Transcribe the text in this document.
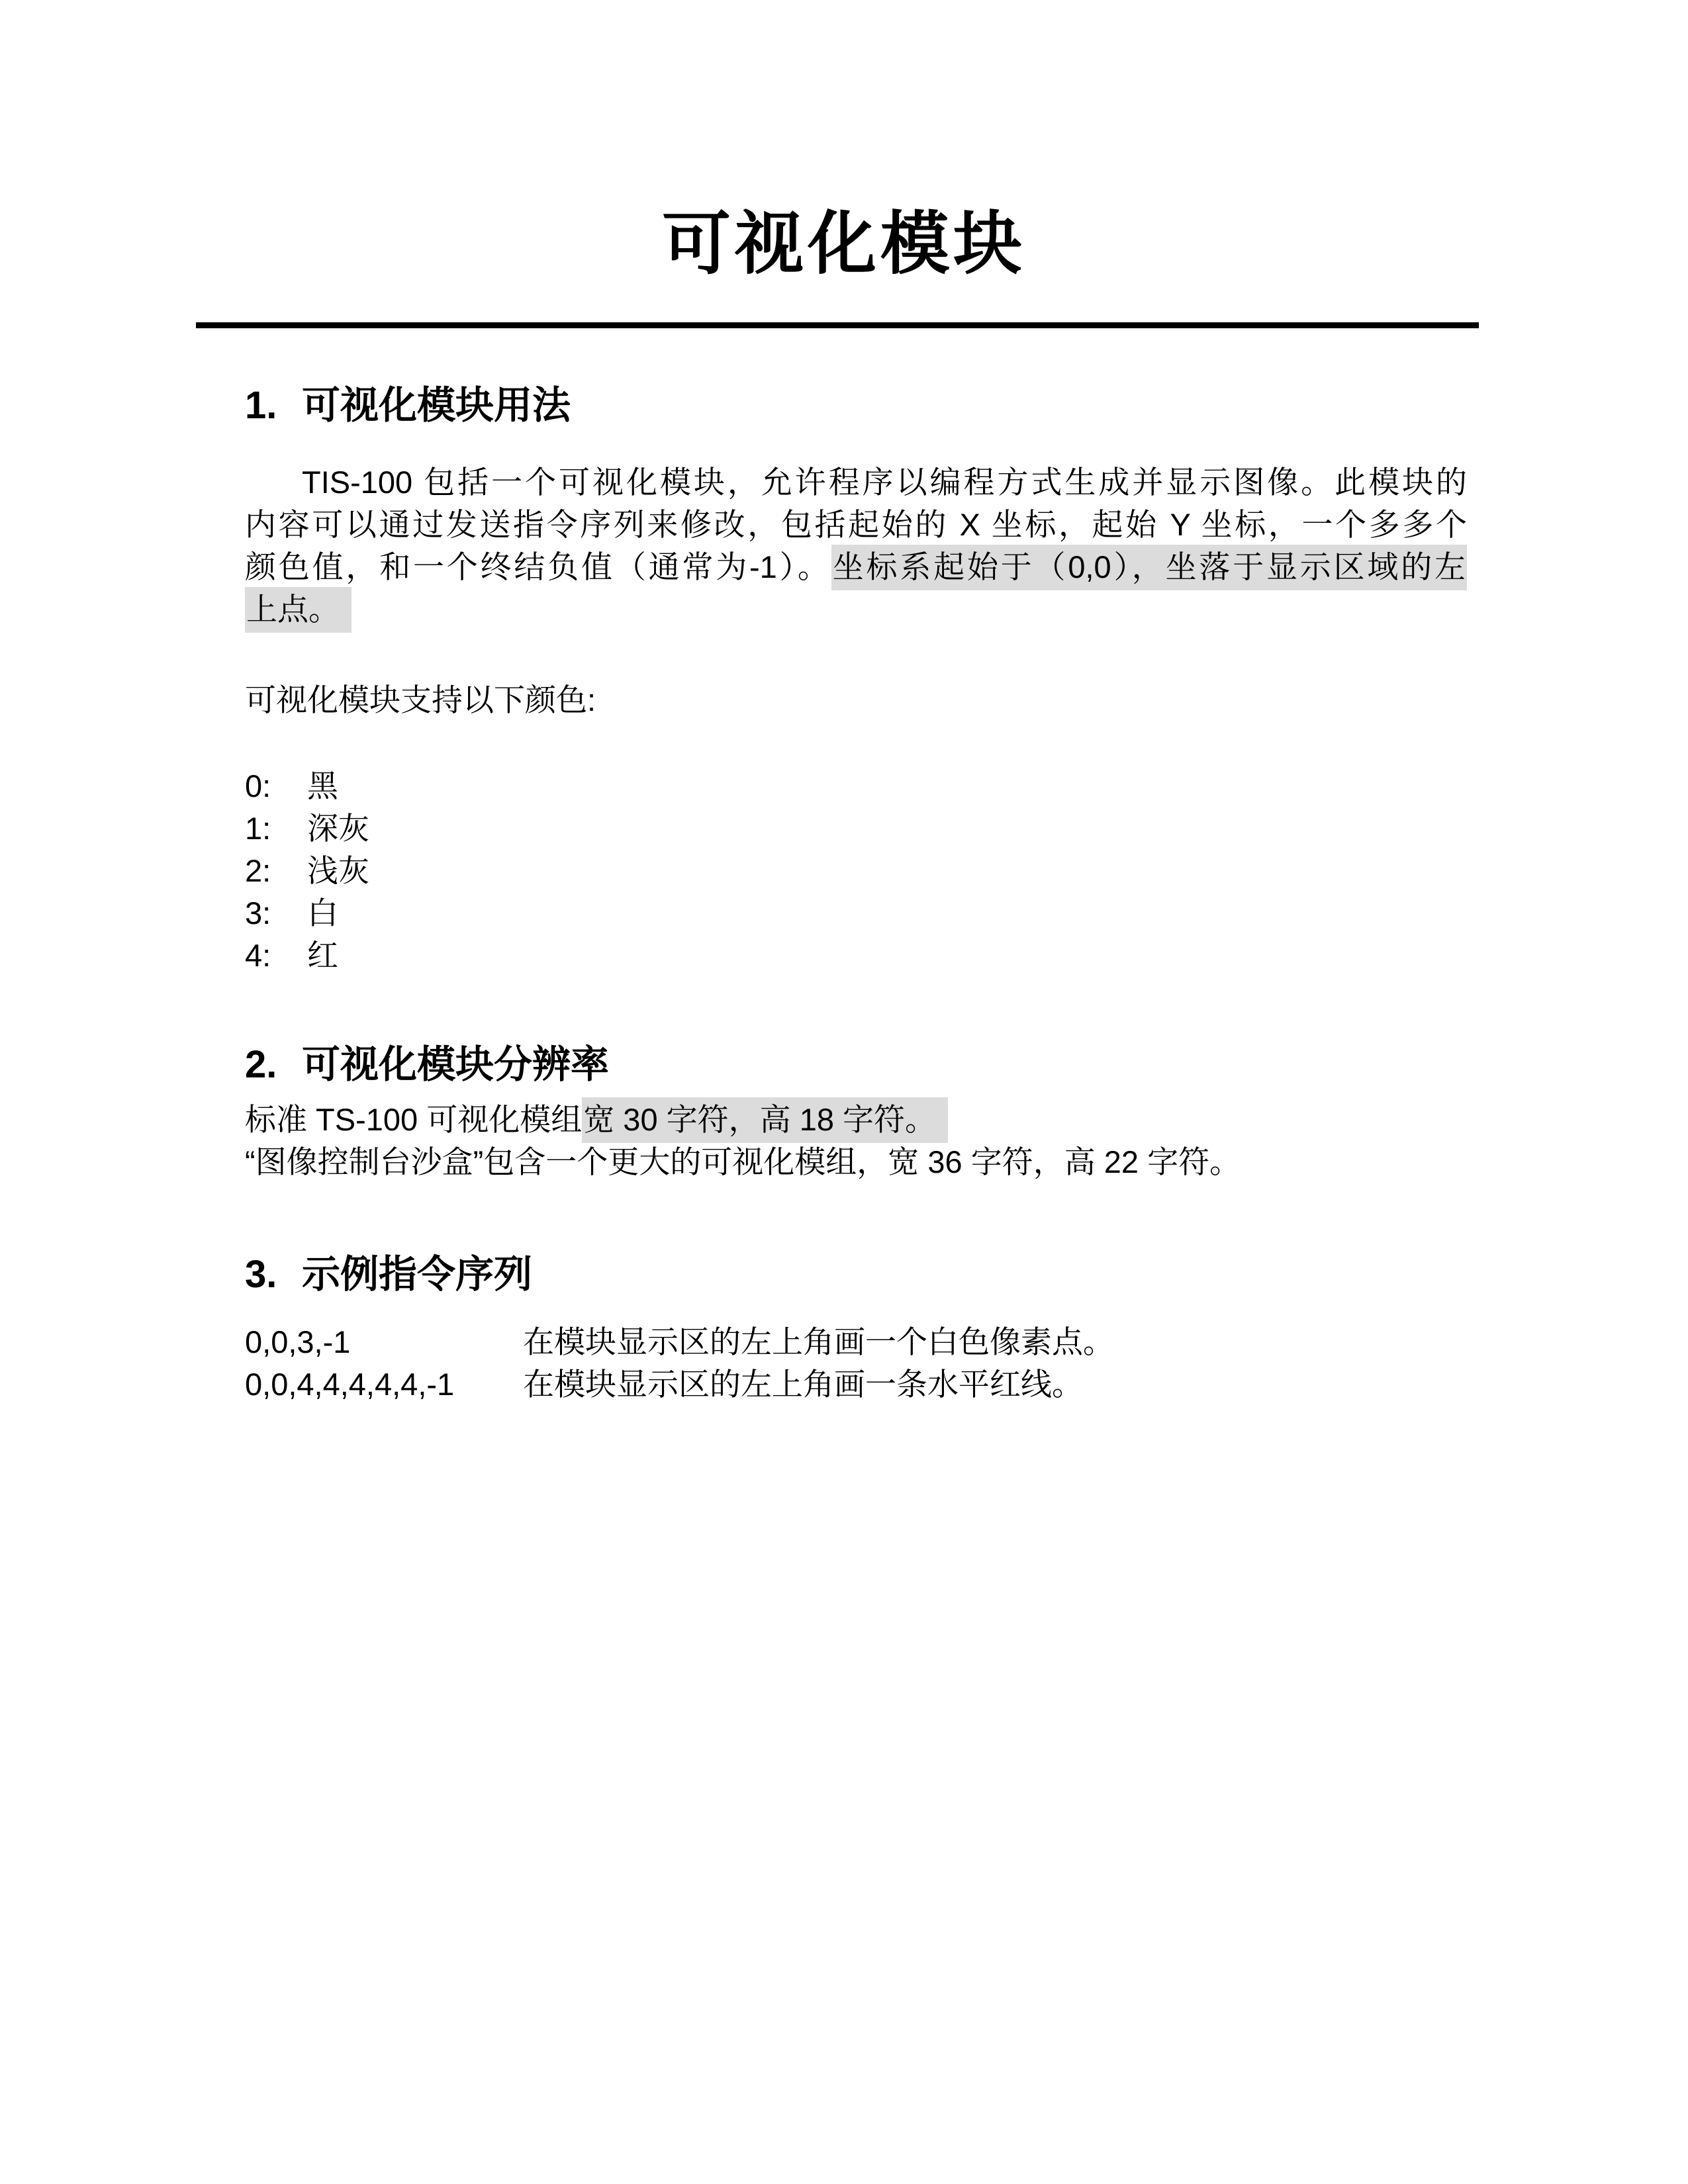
可视化模块
1. 可视化模块用法
TIS-100 包括一个可视化模块，允许程序以编程方式生成并显示图像。此模块的
内容可以通过发送指令序列来修改，包括起始的 X 坐标，起始 Y 坐标，一个多多个
颜色值，和一个终结负值（通常为-1）。坐标系起始于（0,0），坐落于显示区域的左
上点。
可视化模块支持以下颜色:
0: 黑
1: 深灰
2: 浅灰
3: 白
4: 红
2. 可视化模块分辨率
标准 TS-100 可视化模组宽 30 字符，高 18 字符。
“图像控制台沙盒”包含一个更大的可视化模组，宽 36 字符，高 22 字符。
3. 示例指令序列
0,0,3,-1	在模块显示区的左上角画一个白色像素点。
0,0,4,4,4,4,4,-1	在模块显示区的左上角画一条水平红线。
